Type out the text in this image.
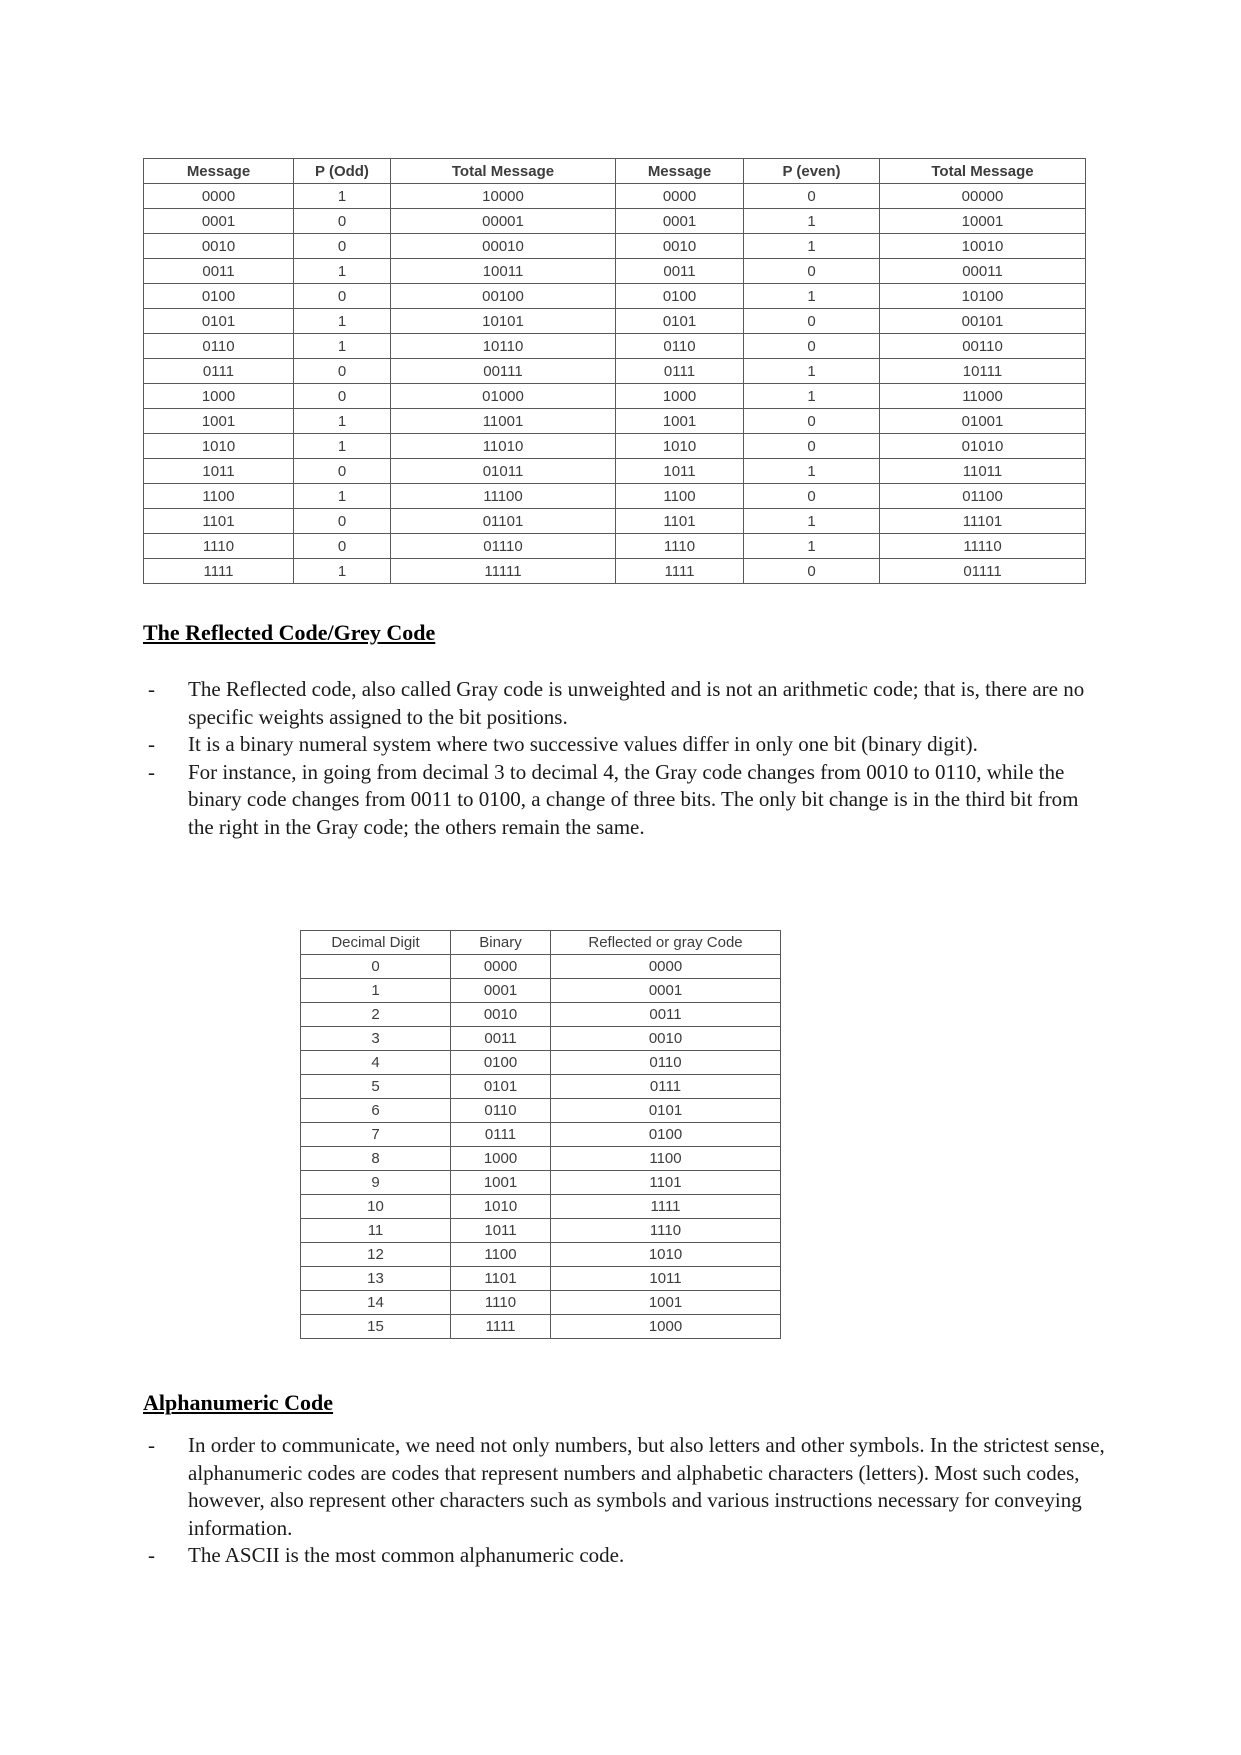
Message	P (Odd)	Total Message	Message	P (even)	Total Message
0000	1	10000	0000	0	00000
0001	0	00001	0001	1	10001
0010	0	00010	0010	1	10010
0011	1	10011	0011	0	00011
0100	0	00100	0100	1	10100
0101	1	10101	0101	0	00101
0110	1	10110	0110	0	00110
0111	0	00111	0111	1	10111
1000	0	01000	1000	1	11000
1001	1	11001	1001	0	01001
1010	1	11010	1010	0	01010
1011	0	01011	1011	1	11011
1100	1	11100	1100	0	01100
1101	0	01101	1101	1	11101
1110	0	01110	1110	1	11110
1111	1	11111	1111	0	01111
The Reflected Code/Grey Code
-	The Reflected code, also called Gray code is unweighted and is not an arithmetic code; that is, there are no specific weights assigned to the bit positions.
-	It is a binary numeral system where two successive values differ in only one bit (binary digit).
-	For instance, in going from decimal 3 to decimal 4, the Gray code changes from 0010 to 0110, while the binary code changes from 0011 to 0100, a change of three bits. The only bit change is in the third bit from the right in the Gray code; the others remain the same.
Decimal Digit	Binary	Reflected or gray Code
0	0000	0000
1	0001	0001
2	0010	0011
3	0011	0010
4	0100	0110
5	0101	0111
6	0110	0101
7	0111	0100
8	1000	1100
9	1001	1101
10	1010	1111
11	1011	1110
12	1100	1010
13	1101	1011
14	1110	1001
15	1111	1000
Alphanumeric Code
-	In order to communicate, we need not only numbers, but also letters and other symbols. In the strictest sense, alphanumeric codes are codes that represent numbers and alphabetic characters (letters). Most such codes, however, also represent other characters such as symbols and various instructions necessary for conveying information.
-	The ASCII is the most common alphanumeric code.
